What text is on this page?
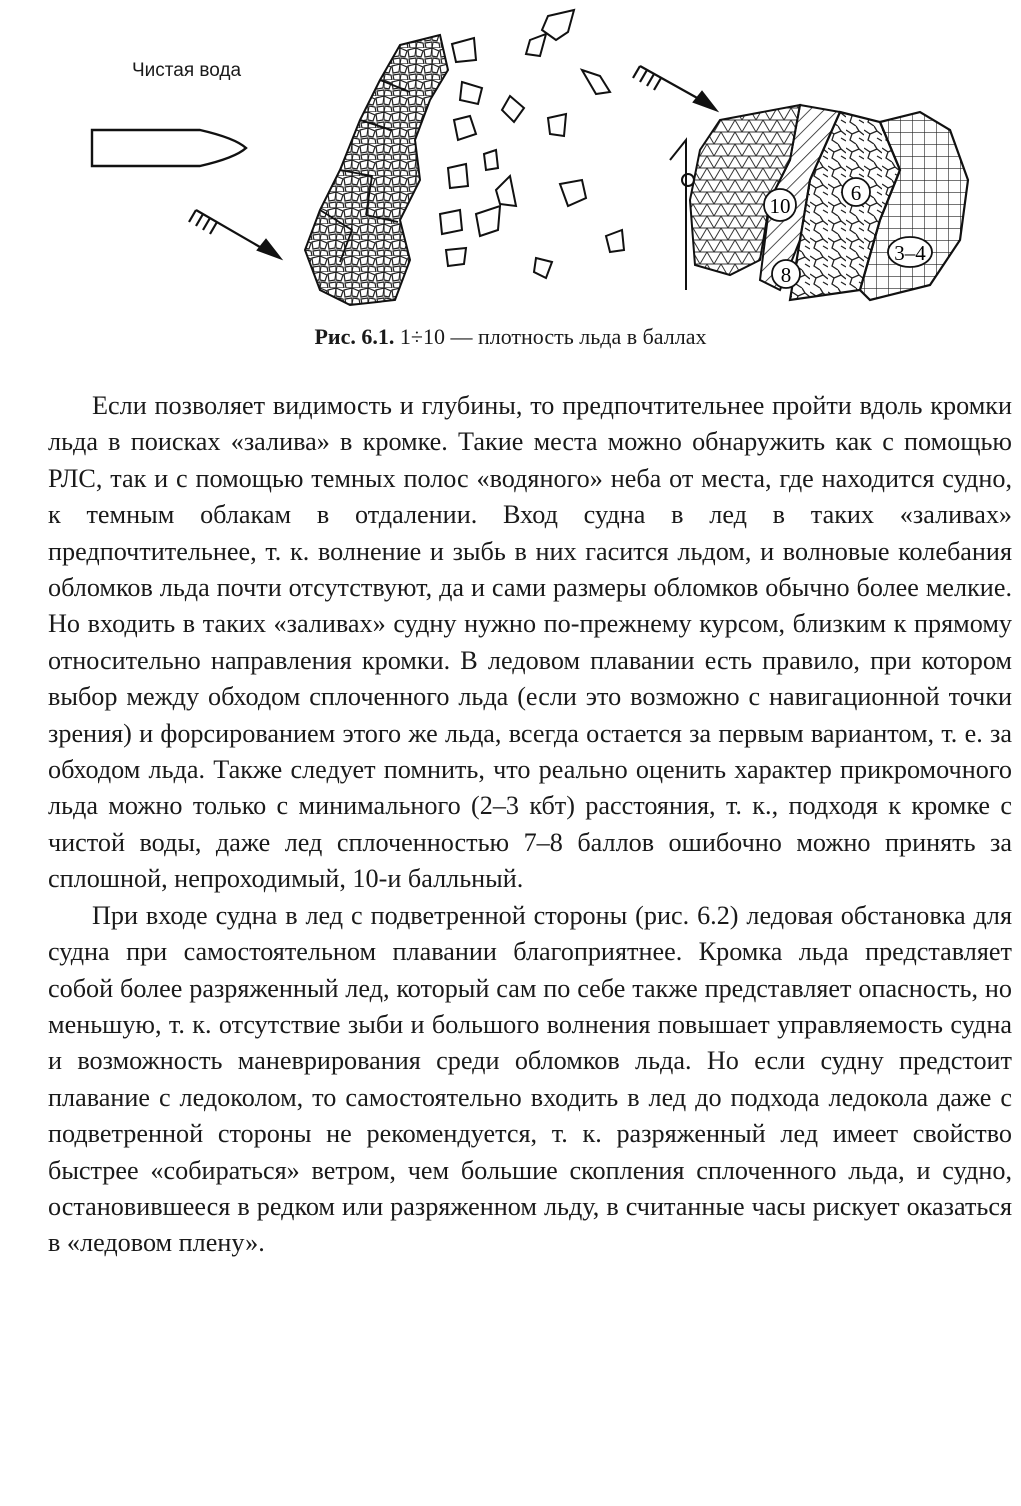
Чистая вода
10
6
8
3–4
Рис. 6.1. 1÷10 — плотность льда в баллах

Если позволяет видимость и глубины, то предпочтительнее пройти вдоль кромки льда в поисках «залива» в кромке. Такие места можно обнаружить как с помощью РЛС, так и с помощью темных полос «водяного» неба от места, где находится судно, к темным облакам в отдалении. Вход судна в лед в таких «заливах» предпочтительнее, т. к. волнение и зыбь в них гасится льдом, и волновые колебания обломков льда почти отсутствуют, да и сами размеры обломков обычно более мелкие. Но входить в таких «заливах» судну нужно по-прежнему курсом, близким к прямому относительно направления кромки. В ледовом плавании есть правило, при котором выбор между обходом сплоченного льда (если это возможно с навигационной точки зрения) и форсированием этого же льда, всегда остается за первым вариантом, т. е. за обходом льда. Также следует помнить, что реально оценить характер прикромочного льда можно только с минимального (2–3 кбт) расстояния, т. к., подходя к кромке с чистой воды, даже лед сплоченностью 7–8 баллов ошибочно можно принять за сплошной, непроходимый, 10-и балльный.

При входе судна в лед с подветренной стороны (рис. 6.2) ледовая обстановка для судна при самостоятельном плавании благоприятнее. Кромка льда представляет собой более разряженный лед, который сам по себе также представляет опасность, но меньшую, т. к. отсутствие зыби и большого волнения повышает управляемость судна и возможность маневрирования среди обломков льда. Но если судну предстоит плавание с ледоколом, то самостоятельно входить в лед до подхода ледокола даже с подветренной стороны не рекомендуется, т. к. разряженный лед имеет свойство быстрее «собираться» ветром, чем большие скопления сплоченного льда, и судно, остановившееся в редком или разряженном льду, в считанные часы рискует оказаться в «ледовом плену».
